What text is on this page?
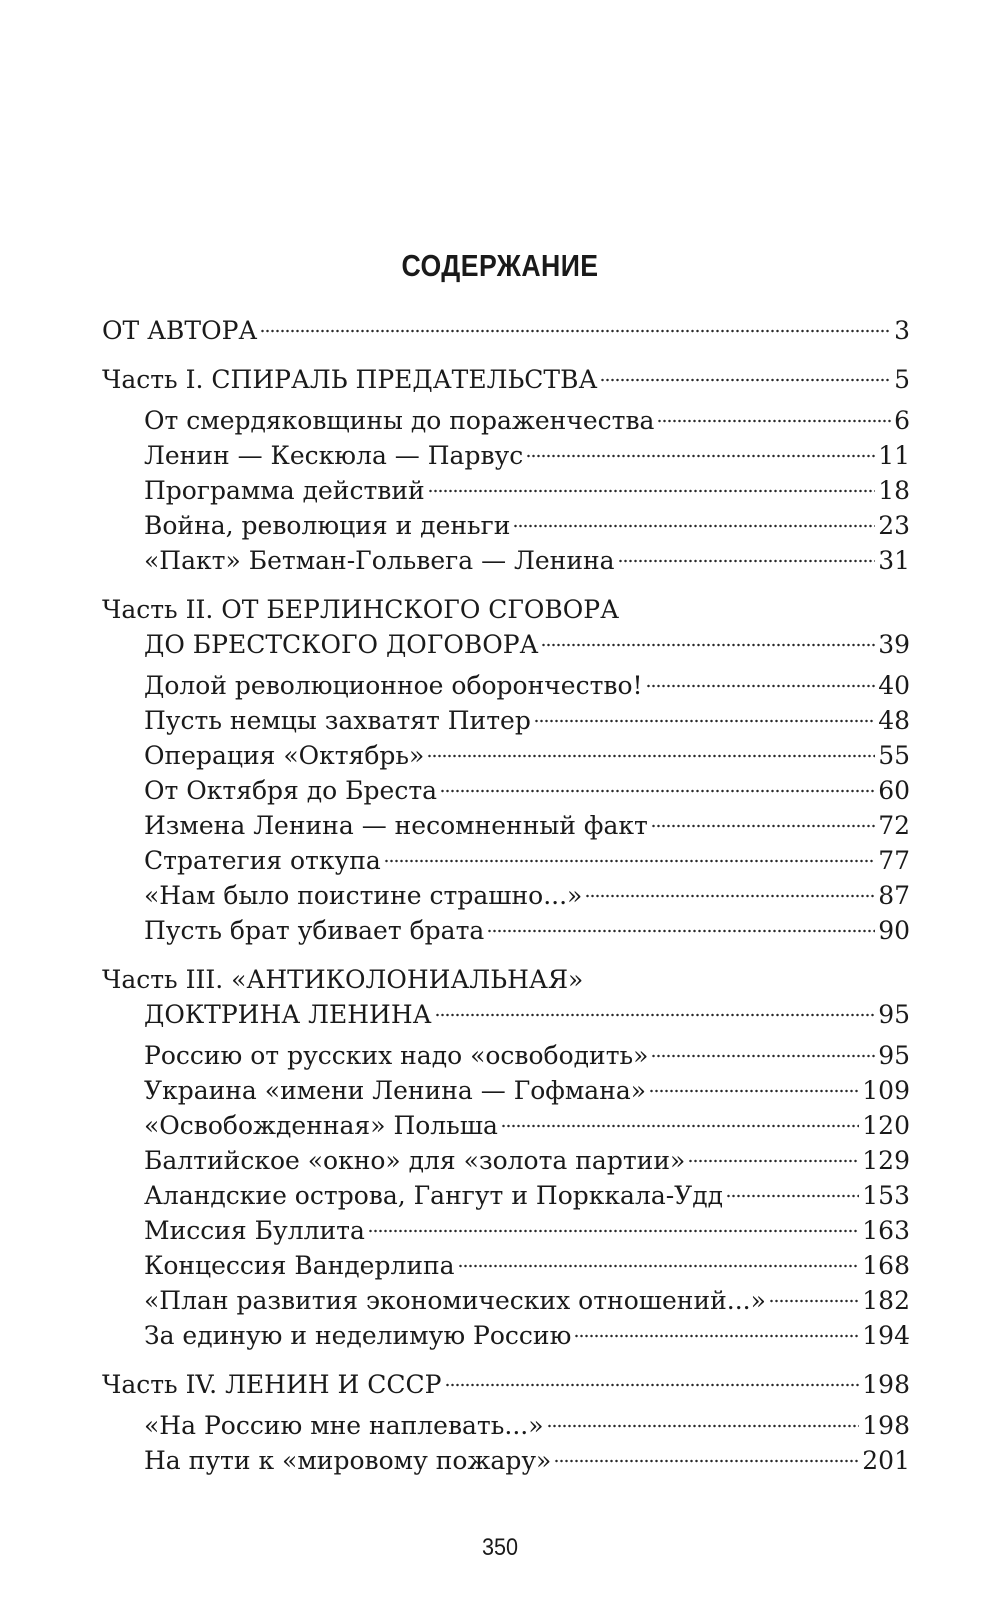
СОДЕРЖАНИЕ
ОТ АВТОРА	3
Часть I. СПИРАЛЬ ПРЕДАТЕЛЬСТВА	5
От смердяковщины до пораженчества	6
Ленин — Кескюла — Парвус	11
Программа действий	18
Война, революция и деньги	23
«Пакт» Бетман-Гольвега — Ленина	31
Часть II. ОТ БЕРЛИНСКОГО СГОВОРА
ДО БРЕСТСКОГО ДОГОВОРА	39
Долой революционное оборончество!	40
Пусть немцы захватят Питер	48
Операция «Октябрь»	55
От Октября до Бреста	60
Измена Ленина — несомненный факт	72
Стратегия откупа	77
«Нам было поистине страшно...»	87
Пусть брат убивает брата	90
Часть III. «АНТИКОЛОНИАЛЬНАЯ»
ДОКТРИНА ЛЕНИНА	95
Россию от русских надо «освободить»	95
Украина «имени Ленина — Гофмана»	109
«Освобожденная» Польша	120
Балтийское «окно» для «золота партии»	129
Аландские острова, Гангут и Порккала-Удд	153
Миссия Буллита	163
Концессия Вандерлипа	168
«План развития экономических отношений...»	182
За единую и неделимую Россию	194
Часть IV. ЛЕНИН И СССР	198
«На Россию мне наплевать...»	198
На пути к «мировому пожару»	201
350
